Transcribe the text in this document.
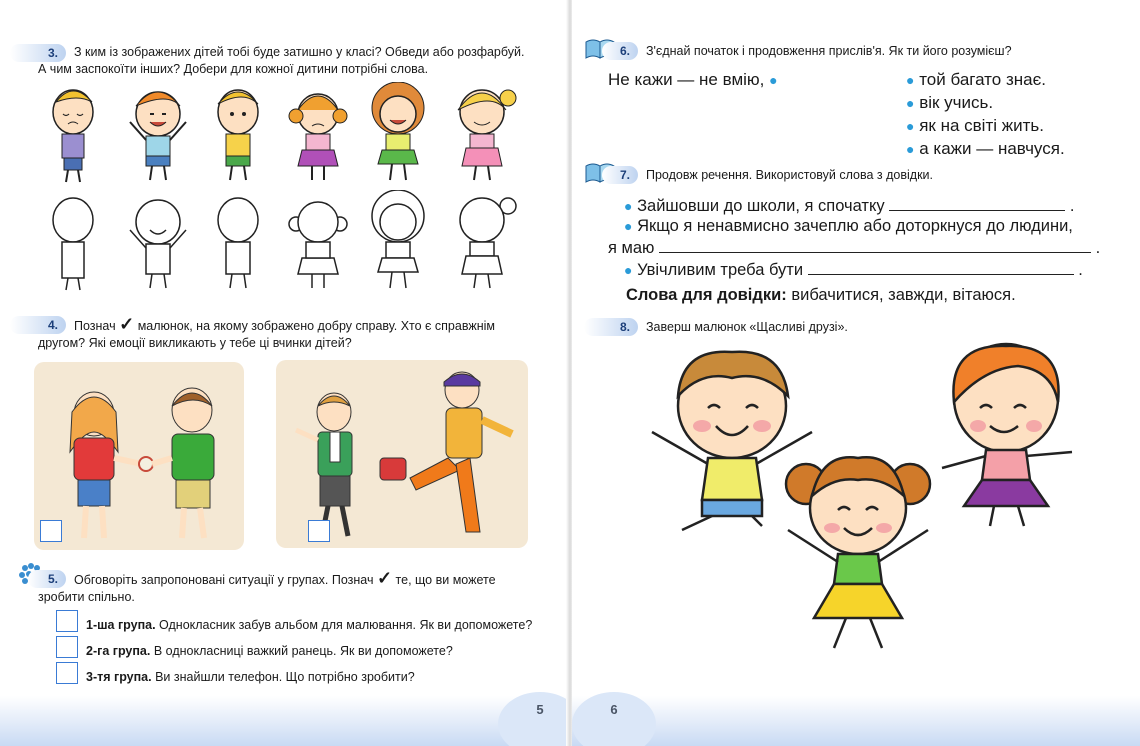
3.	З ким із зображених дітей тобі буде затишно у класі? Обведи або розфарбуй.
А чим заспокоїти інших? Добери для кожної дитини потрібні слова.
4.	Познач ✓ малюнок, на якому зображено добру справу. Хто є справжнім
другом? Які емоції викликають у тебе ці вчинки дітей?
5.	Обговоріть запропоновані ситуації у групах. Познач ✓ те, що ви можете
зробити спільно.
1-ша група. Однокласник забув альбом для малювання. Як ви допоможете?
2-га група. В однокласниці важкий ранець. Як ви допоможете?
3-тя група. Ви знайшли телефон. Що потрібно зробити?
5
6.	З'єднай початок і продовження прислів'я. Як ти його розумієш?
Не кажи — не вмію, ●	● той багато знає.
● вік учись.
● як на світі жить.
● а кажи — навчуся.
7.	Продовж речення. Використовуй слова з довідки.
● Зайшовши до школи, я спочатку	.
● Якщо я ненавмисно зачеплю або доторкнуся до людини,
я маю	.
● Увічливим треба бути	.
Слова для довідки: вибачитися, завжди, вітаюся.
8.	Заверш малюнок «Щасливі друзі».
6
